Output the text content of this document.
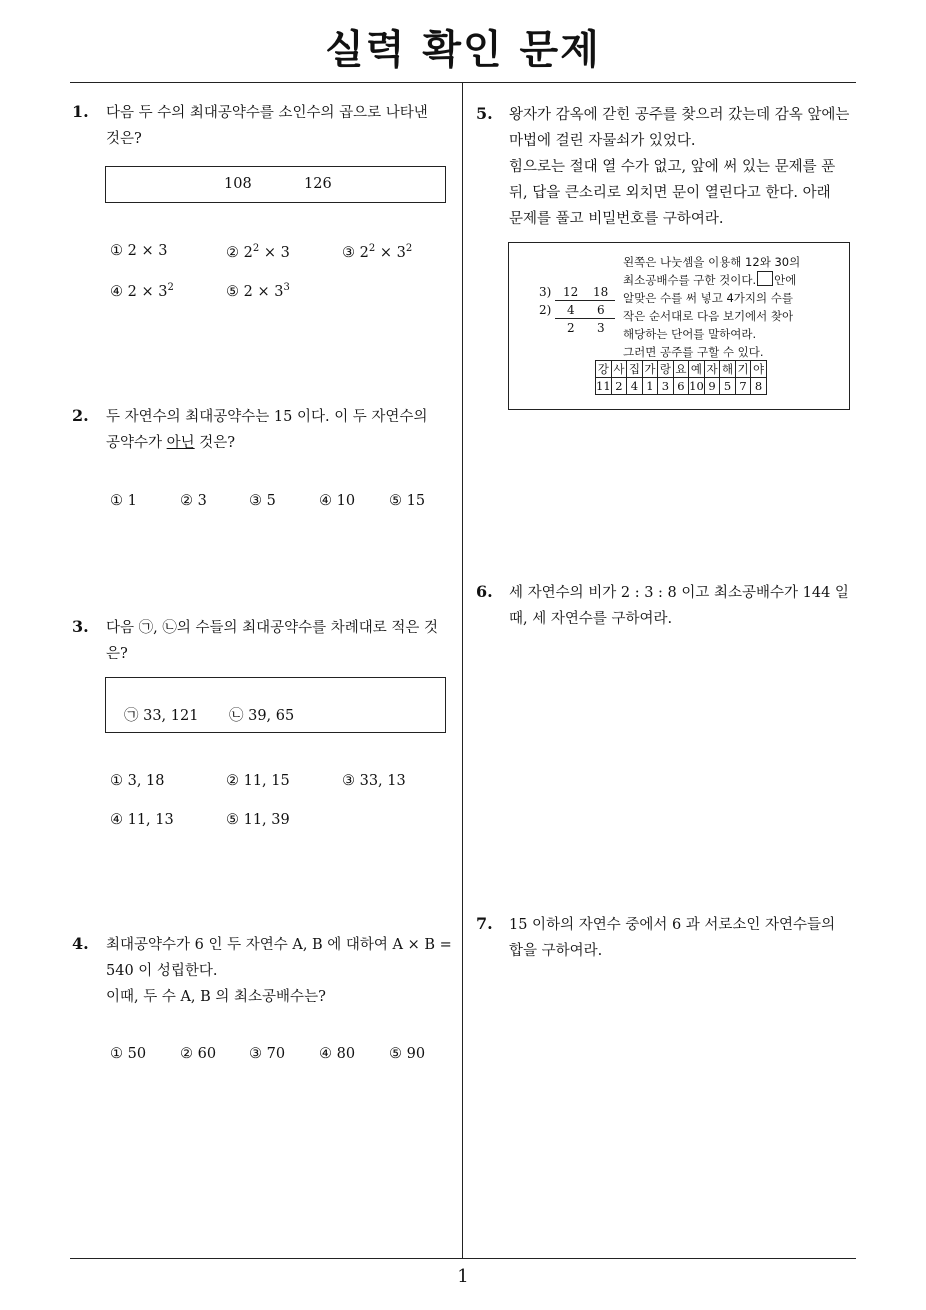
실력 확인 문제
1
1. 다음 두 수의 최대공약수를 소인수의 곱으로 나타낸
것은?
108	126
① 2 × 3	② $2^2 \times 3$	③ $2^2 \times 3^2$
④ $2 \times 3^2$	⑤ $2 \times 3^3$
2. 두 자연수의 최대공약수는 15 이다. 이 두 자연수의
공약수가 아닌 것은?
① 1	② 3	③ 5	④ 10 ⑤ 15
3. 다음 ㉠, ㉡의 수들의 최대공약수를 차례대로 적은 것
은?
㉠ 33, 121 ㉡ 39, 65
① 3, 18	② 11, 15	③ 33, 13
④ 11, 13	⑤ 11, 39
4. 최대공약수가 6 인 두 자연수 A, B 에 대하여 A × B =
540 이 성립한다.
이때, 두 수 A, B 의 최소공배수는?
① 50 ② 60 ③ 70 ④ 80 ⑤ 90
5. 왕자가 감옥에 갇힌 공주를 찾으러 갔는데 감옥 앞에는
마법에 걸린 자물쇠가 있었다.
힘으로는 절대 열 수가 없고, 앞에 써 있는 문제를 푼
뒤, 답을 큰소리로 외치면 문이 열린다고 한다. 아래
문제를 풀고 비밀번호를 구하여라.
3) 12 18
2) 4 6
2 3
왼쪽은 나눗셈을 이용해 12와 30의
최소공배수를 구한 것이다. 안에
알맞은 수를 써 넣고 4가지의 수를
작은 순서대로 다음 보기에서 찾아
해당하는 단어를 말하여라.
그러면 공주를 구할 수 있다.
강	사	집	가	랑	요	예	자	해	기	야
11	2	4	1	3	6	10	9	5	7	8
6. 세 자연수의 비가 2 : 3 : 8 이고 최소공배수가 144 일
때, 세 자연수를 구하여라.
7. 15 이하의 자연수 중에서 6 과 서로소인 자연수들의
합을 구하여라.
